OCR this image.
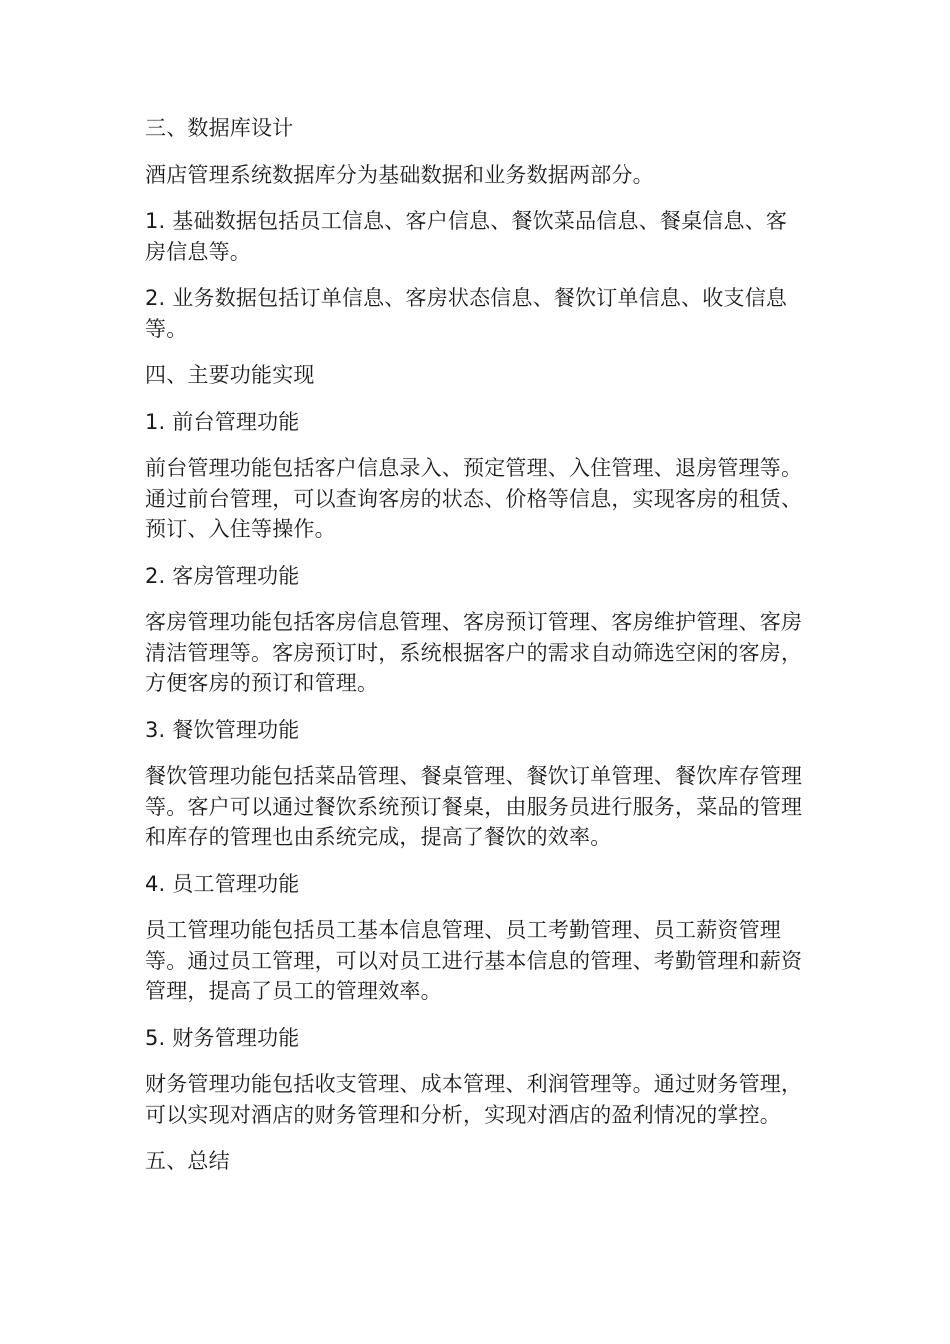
三、数据库设计

酒店管理系统数据库分为基础数据和业务数据两部分。

1. 基础数据包括员工信息、客户信息、餐饮菜品信息、餐桌信息、客房信息等。

2. 业务数据包括订单信息、客房状态信息、餐饮订单信息、收支信息等。

四、主要功能实现

1. 前台管理功能

前台管理功能包括客户信息录入、预定管理、入住管理、退房管理等。通过前台管理，可以查询客房的状态、价格等信息，实现客房的租赁、预订、入住等操作。

2. 客房管理功能

客房管理功能包括客房信息管理、客房预订管理、客房维护管理、客房清洁管理等。客房预订时，系统根据客户的需求自动筛选空闲的客房，方便客房的预订和管理。

3. 餐饮管理功能

餐饮管理功能包括菜品管理、餐桌管理、餐饮订单管理、餐饮库存管理等。客户可以通过餐饮系统预订餐桌，由服务员进行服务，菜品的管理和库存的管理也由系统完成，提高了餐饮的效率。

4. 员工管理功能

员工管理功能包括员工基本信息管理、员工考勤管理、员工薪资管理等。通过员工管理，可以对员工进行基本信息的管理、考勤管理和薪资管理，提高了员工的管理效率。

5. 财务管理功能

财务管理功能包括收支管理、成本管理、利润管理等。通过财务管理，可以实现对酒店的财务管理和分析，实现对酒店的盈利情况的掌控。

五、总结
